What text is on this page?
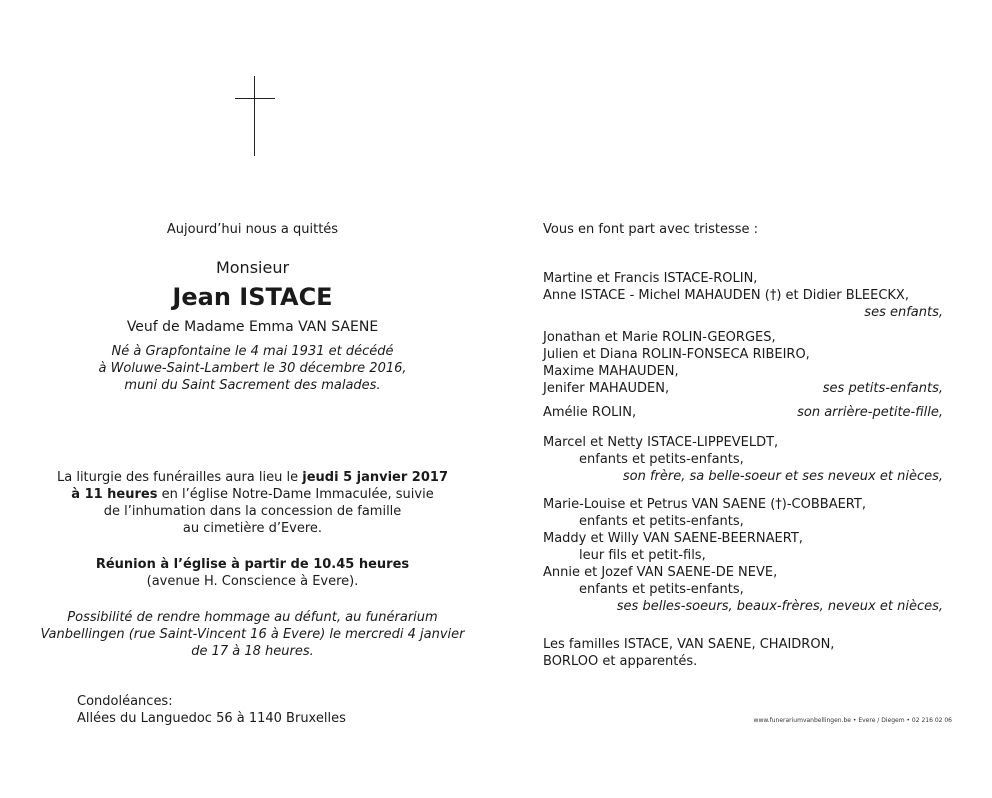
Aujourd’hui nous a quittés
Monsieur
Jean ISTACE
Veuf de Madame Emma VAN SAENE
Né à Grapfontaine le 4 mai 1931 et décédé
à Woluwe-Saint-Lambert le 30 décembre 2016,
muni du Saint Sacrement des malades.
La liturgie des funérailles aura lieu le jeudi 5 janvier 2017
à 11 heures en l’église Notre-Dame Immaculée, suivie
de l’inhumation dans la concession de famille
au cimetière d’Evere.
Réunion à l’église à partir de 10.45 heures
(avenue H. Conscience à Evere).
Possibilité de rendre hommage au défunt, au funérarium
Vanbellingen (rue Saint-Vincent 16 à Evere) le mercredi 4 janvier
de 17 à 18 heures.
Condoléances:
Allées du Languedoc 56 à 1140 Bruxelles
Vous en font part avec tristesse :
Martine et Francis ISTACE-ROLIN,
Anne ISTACE - Michel MAHAUDEN (†) et Didier BLEECKX,
ses enfants,
Jonathan et Marie ROLIN-GEORGES,
Julien et Diana ROLIN-FONSECA RIBEIRO,
Maxime MAHAUDEN,
Jenifer MAHAUDEN,	ses petits-enfants,
Amélie ROLIN,	son arrière-petite-fille,
Marcel et Netty ISTACE-LIPPEVELDT,
enfants et petits-enfants,
son frère, sa belle-soeur et ses neveux et nièces,
Marie-Louise et Petrus VAN SAENE (†)-COBBAERT,
enfants et petits-enfants,
Maddy et Willy VAN SAENE-BEERNAERT,
leur fils et petit-fils,
Annie et Jozef VAN SAENE-DE NEVE,
enfants et petits-enfants,
ses belles-soeurs, beaux-frères, neveux et nièces,
Les familles ISTACE, VAN SAENE, CHAIDRON,
BORLOO et apparentés.
www.funerariumvanbellingen.be • Evere / Diegem • 02 216 02 06
